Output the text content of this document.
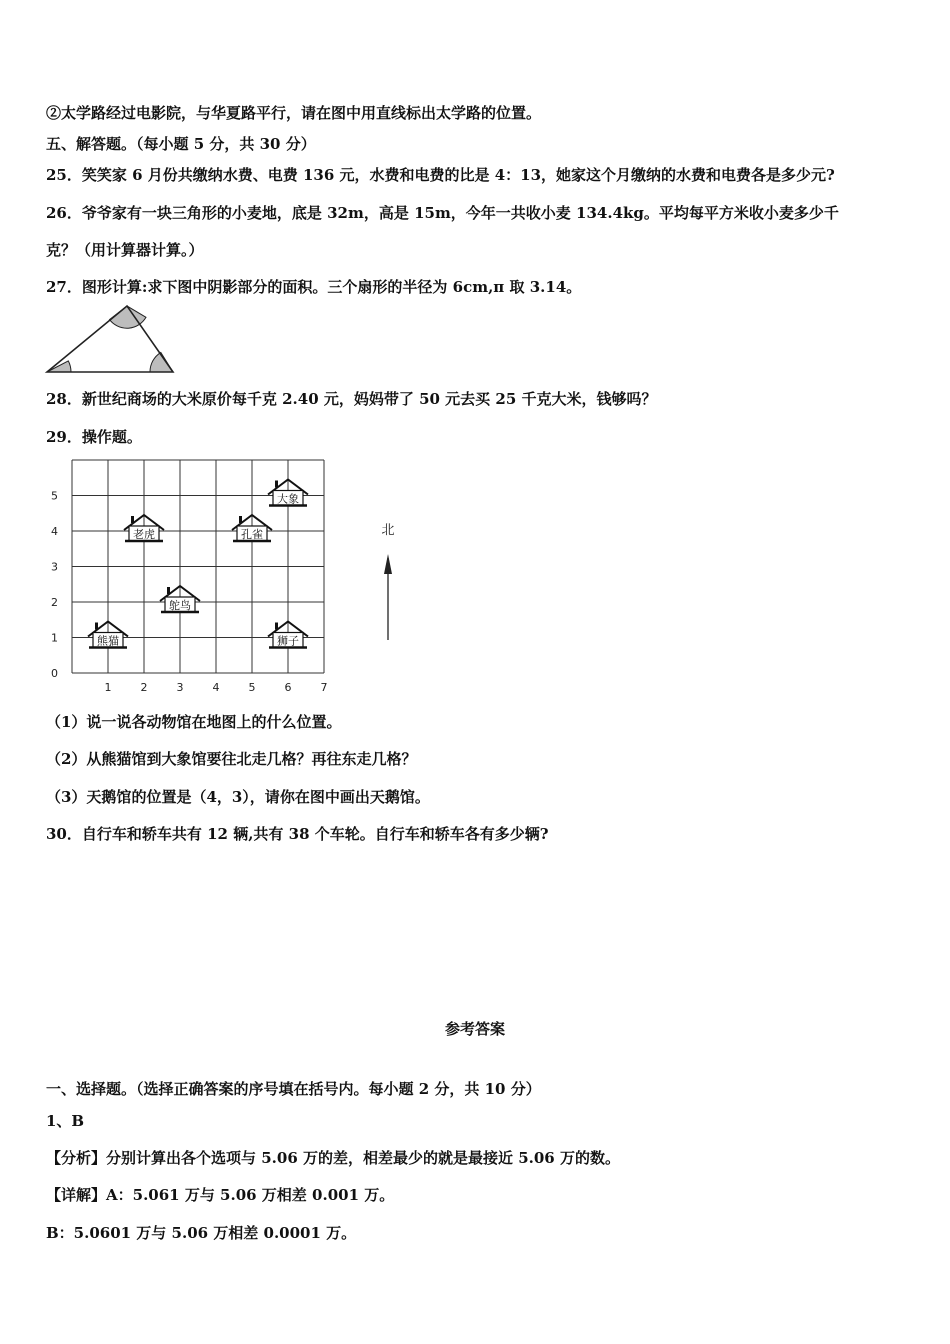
②太学路经过电影院，与华夏路平行，请在图中用直线标出太学路的位置。
五、解答题。（每小题 5 分，共 30 分）
25．笑笑家 6 月份共缴纳水费、电费 136 元，水费和电费的比是 4：13，她家这个月缴纳的水费和电费各是多少元?
26．爷爷家有一块三角形的小麦地，底是 32m，高是 15m，今年一共收小麦 134.4kg。平均每平方米收小麦多少千
克？（用计算器计算。）
27．图形计算:求下图中阴影部分的面积。三个扇形的半径为 6cm,π 取 3.14。
28．新世纪商场的大米原价每千克 2.40 元，妈妈带了 50 元去买 25 千克大米，钱够吗？
29．操作题。
1	2	3	4	5	6	7
0
1
2
3
4
5	大象
老虎	孔雀
鸵鸟
熊猫	狮子
北
（1）说一说各动物馆在地图上的什么位置。
（2）从熊猫馆到大象馆要往北走几格？再往东走几格？
（3）天鹅馆的位置是（4，3），请你在图中画出天鹅馆。
30．自行车和轿车共有 12 辆,共有 38 个车轮。自行车和轿车各有多少辆?
参考答案
一、选择题。（选择正确答案的序号填在括号内。每小题 2 分，共 10 分）
1、B
【分析】分别计算出各个选项与 5.06 万的差，相差最少的就是最接近 5.06 万的数。
【详解】A：5.061 万与 5.06 万相差 0.001 万。
B：5.0601 万与 5.06 万相差 0.0001 万。
